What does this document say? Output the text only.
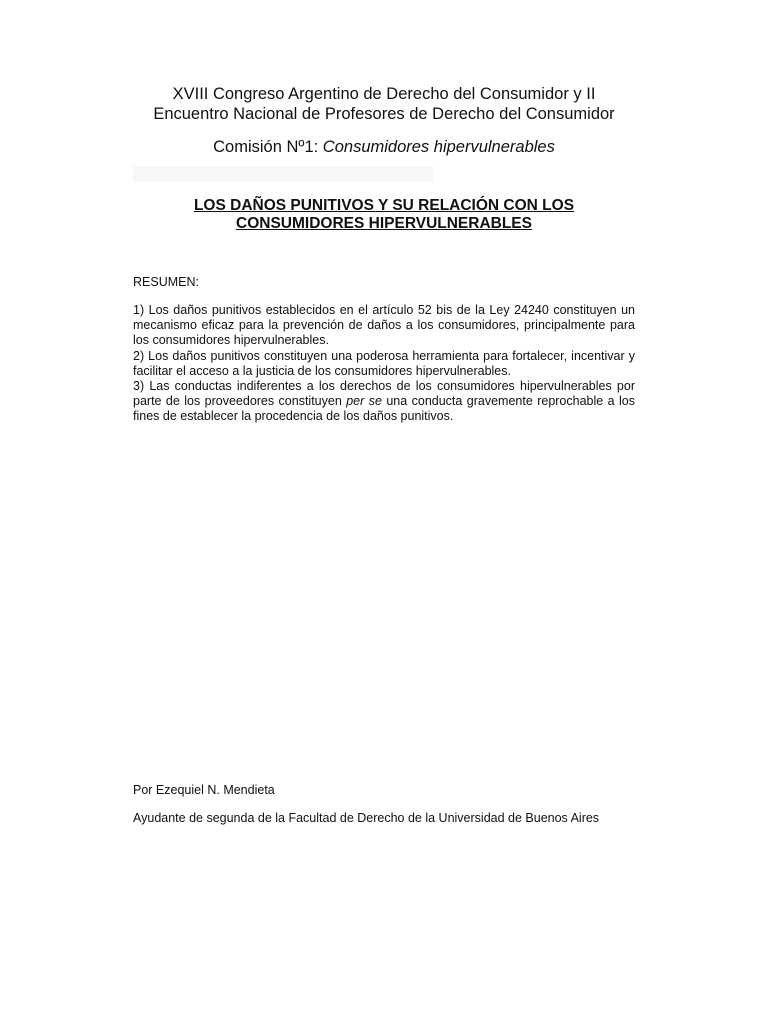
XVIII Congreso Argentino de Derecho del Consumidor y II
Encuentro Nacional de Profesores de Derecho del Consumidor
Comisión Nº1: Consumidores hipervulnerables
LOS DAÑOS PUNITIVOS Y SU RELACIÓN CON LOS
CONSUMIDORES HIPERVULNERABLES
RESUMEN:

1) Los daños punitivos establecidos en el artículo 52 bis de la Ley 24240 constituyen un mecanismo eficaz para la prevención de daños a los consumidores, principalmente para los consumidores hipervulnerables.

2) Los daños punitivos constituyen una poderosa herramienta para fortalecer, incentivar y facilitar el acceso a la justicia de los consumidores hipervulnerables.

3) Las conductas indiferentes a los derechos de los consumidores hipervulnerables por parte de los proveedores constituyen per se una conducta gravemente reprochable a los fines de establecer la procedencia de los daños punitivos.

Por Ezequiel N. Mendieta
Ayudante de segunda de la Facultad de Derecho de la Universidad de Buenos Aires
